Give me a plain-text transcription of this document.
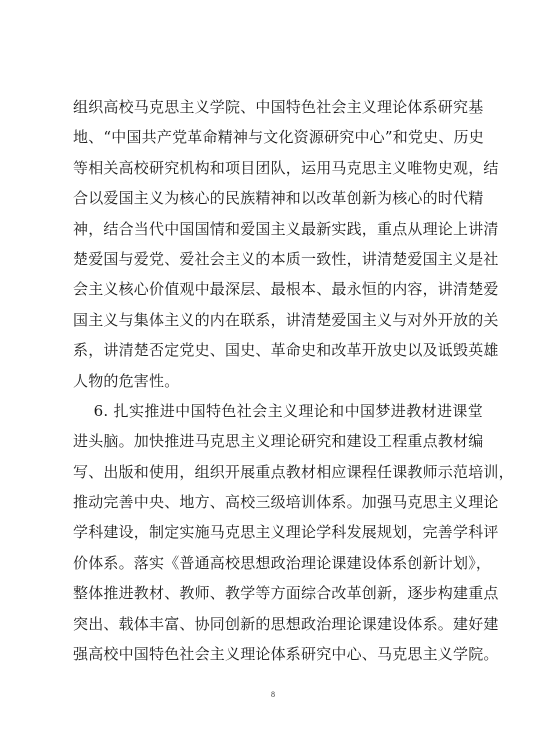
组织高校马克思主义学院、中国特色社会主义理论体系研究基
地、“中国共产党革命精神与文化资源研究中心”和党史、历史
等相关高校研究机构和项目团队，运用马克思主义唯物史观，结
合以爱国主义为核心的民族精神和以改革创新为核心的时代精
神，结合当代中国国情和爱国主义最新实践，重点从理论上讲清
楚爱国与爱党、爱社会主义的本质一致性，讲清楚爱国主义是社
会主义核心价值观中最深层、最根本、最永恒的内容，讲清楚爱
国主义与集体主义的内在联系，讲清楚爱国主义与对外开放的关
系，讲清楚否定党史、国史、革命史和改革开放史以及诋毁英雄
人物的危害性。
6. 扎实推进中国特色社会主义理论和中国梦进教材进课堂
进头脑。加快推进马克思主义理论研究和建设工程重点教材编
写、出版和使用，组织开展重点教材相应课程任课教师示范培训，
推动完善中央、地方、高校三级培训体系。加强马克思主义理论
学科建设，制定实施马克思主义理论学科发展规划，完善学科评
价体系。落实《普通高校思想政治理论课建设体系创新计划》，
整体推进教材、教师、教学等方面综合改革创新，逐步构建重点
突出、载体丰富、协同创新的思想政治理论课建设体系。建好建
强高校中国特色社会主义理论体系研究中心、马克思主义学院。
8
